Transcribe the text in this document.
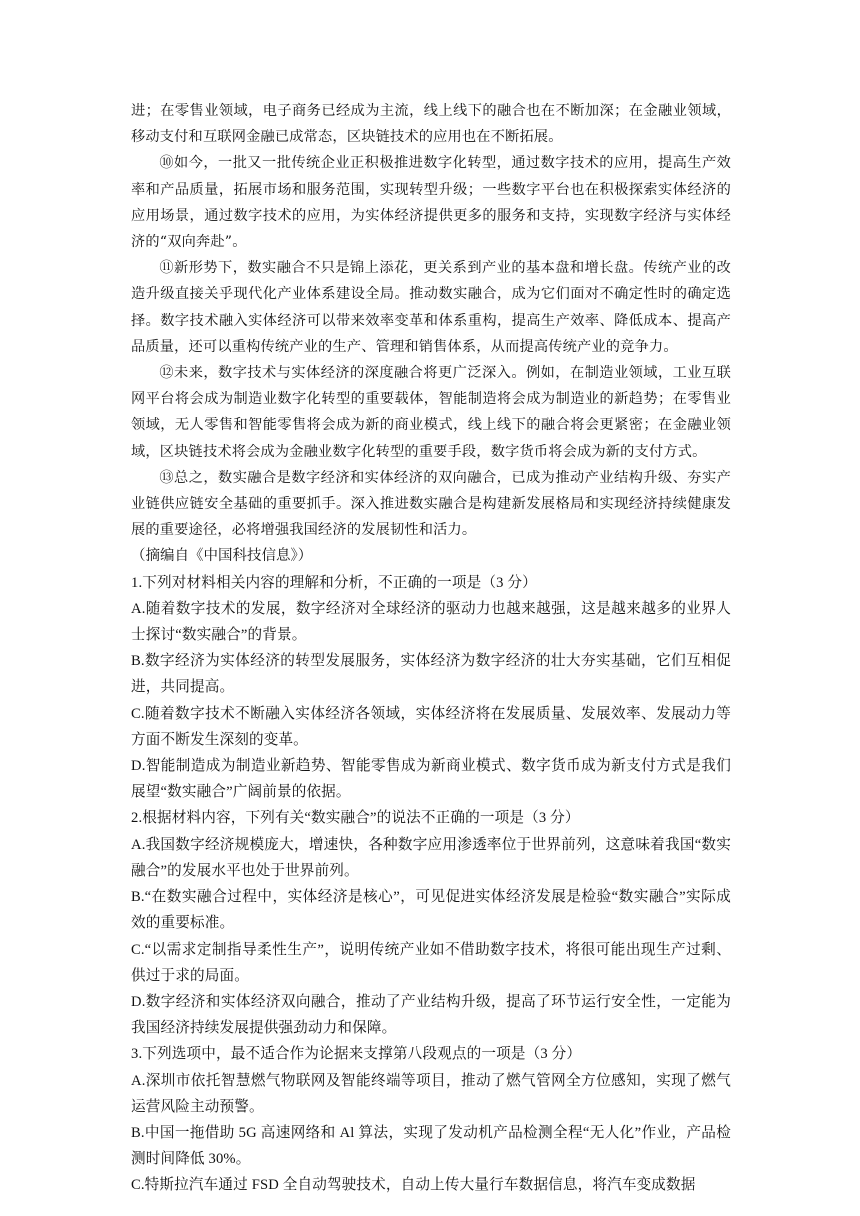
进；在零售业领域，电子商务已经成为主流，线上线下的融合也在不断加深；在金融业领域，移动支付和互联网金融已成常态，区块链技术的应用也在不断拓展。

⑩如今，一批又一批传统企业正积极推进数字化转型，通过数字技术的应用，提高生产效率和产品质量，拓展市场和服务范围，实现转型升级；一些数字平台也在积极探索实体经济的应用场景，通过数字技术的应用，为实体经济提供更多的服务和支持，实现数字经济与实体经济的“双向奔赴”。

⑪新形势下，数实融合不只是锦上添花，更关系到产业的基本盘和增长盘。传统产业的改造升级直接关乎现代化产业体系建设全局。推动数实融合，成为它们面对不确定性时的确定选择。数字技术融入实体经济可以带来效率变革和体系重构，提高生产效率、降低成本、提高产品质量，还可以重构传统产业的生产、管理和销售体系，从而提高传统产业的竞争力。

⑫未来，数字技术与实体经济的深度融合将更广泛深入。例如，在制造业领域，工业互联网平台将会成为制造业数字化转型的重要载体，智能制造将会成为制造业的新趋势；在零售业领域，无人零售和智能零售将会成为新的商业模式，线上线下的融合将会更紧密；在金融业领域，区块链技术将会成为金融业数字化转型的重要手段，数字货币将会成为新的支付方式。

⑬总之，数实融合是数字经济和实体经济的双向融合，已成为推动产业结构升级、夯实产业链供应链安全基础的重要抓手。深入推进数实融合是构建新发展格局和实现经济持续健康发展的重要途径，必将增强我国经济的发展韧性和活力。

（摘编自《中国科技信息》）

1.下列对材料相关内容的理解和分析，不正确的一项是（3 分）

A.随着数字技术的发展，数字经济对全球经济的驱动力也越来越强，这是越来越多的业界人士探讨“数实融合”的背景。

B.数字经济为实体经济的转型发展服务，实体经济为数字经济的壮大夯实基础，它们互相促进，共同提高。

C.随着数字技术不断融入实体经济各领域，实体经济将在发展质量、发展效率、发展动力等方面不断发生深刻的变革。

D.智能制造成为制造业新趋势、智能零售成为新商业模式、数字货币成为新支付方式是我们展望“数实融合”广阔前景的依据。

2.根据材料内容，下列有关“数实融合”的说法不正确的一项是（3 分）

A.我国数字经济规模庞大，增速快，各种数字应用渗透率位于世界前列，这意味着我国“数实融合”的发展水平也处于世界前列。

B.“在数实融合过程中，实体经济是核心”，可见促进实体经济发展是检验“数实融合”实际成效的重要标准。

C.“以需求定制指导柔性生产”，说明传统产业如不借助数字技术，将很可能出现生产过剩、供过于求的局面。

D.数字经济和实体经济双向融合，推动了产业结构升级，提高了环节运行安全性，一定能为我国经济持续发展提供强劲动力和保障。

3.下列选项中，最不适合作为论据来支撑第八段观点的一项是（3 分）

A.深圳市依托智慧燃气物联网及智能终端等项目，推动了燃气管网全方位感知，实现了燃气运营风险主动预警。

B.中国一拖借助 5G 高速网络和 Al 算法，实现了发动机产品检测全程“无人化”作业，产品检测时间降低 30%。

C.特斯拉汽车通过 FSD 全自动驾驶技术，自动上传大量行车数据信息，将汽车变成数据
